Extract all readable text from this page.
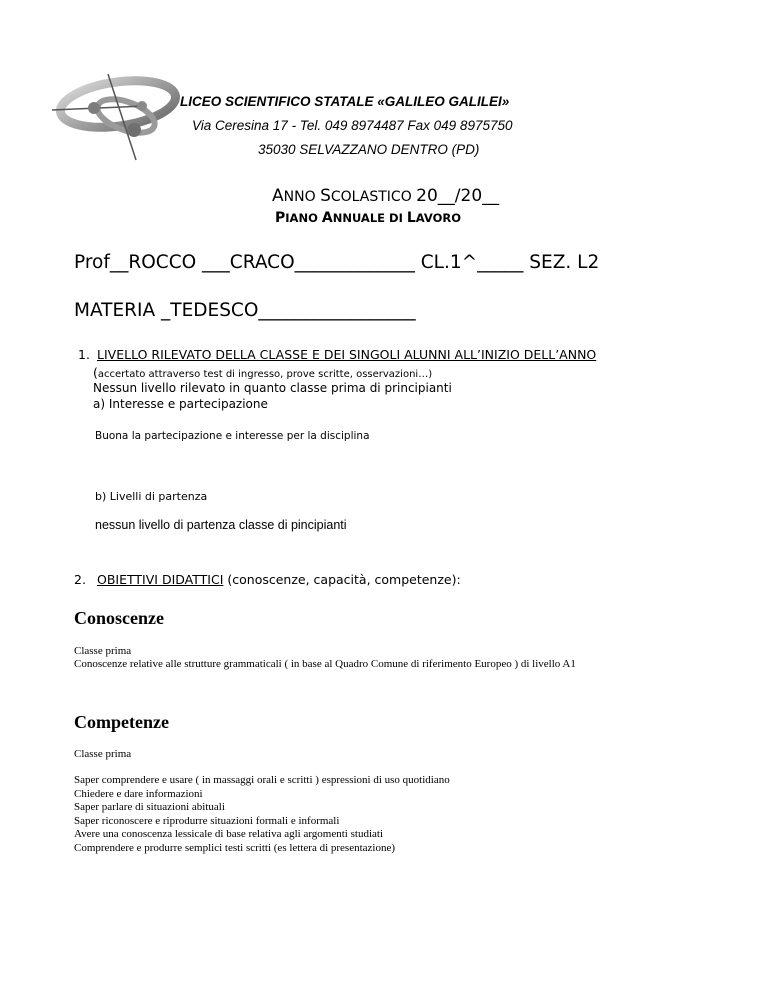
LICEO SCIENTIFICO STATALE «GALILEO GALILEI»
Via Ceresina 17 - Tel. 049 8974487 Fax 049 8975750
35030 SELVAZZANO DENTRO (PD)
ANNO SCOLASTICO 20__/20__
PIANO ANNUALE DI LAVORO
Prof__ROCCO ___CRACO_____________ CL.1^_____ SEZ. L2
MATERIA _TEDESCO_________________
1. LIVELLO RILEVATO DELLA CLASSE E DEI SINGOLI ALUNNI ALL’INIZIO DELL’ANNO
(accertato attraverso test di ingresso, prove scritte, osservazioni…)
Nessun livello rilevato in quanto classe prima di principianti
a) Interesse e partecipazione
Buona la partecipazione e interesse per la disciplina
b) Livelli di partenza
nessun livello di partenza classe di pincipianti
2. OBIETTIVI DIDATTICI (conoscenze, capacità, competenze):
Conoscenze
Classe prima
Conoscenze relative alle strutture grammaticali ( in base al Quadro Comune di riferimento Europeo ) di livello A1
Competenze
Classe prima
Saper comprendere e usare ( in massaggi orali e scritti ) espressioni di uso quotidiano
Chiedere e dare informazioni
Saper parlare di situazioni abituali
Saper riconoscere e riprodurre situazioni formali e informali
Avere una conoscenza lessicale di base relativa agli argomenti studiati
Comprendere e produrre semplici testi scritti (es lettera di presentazione)
